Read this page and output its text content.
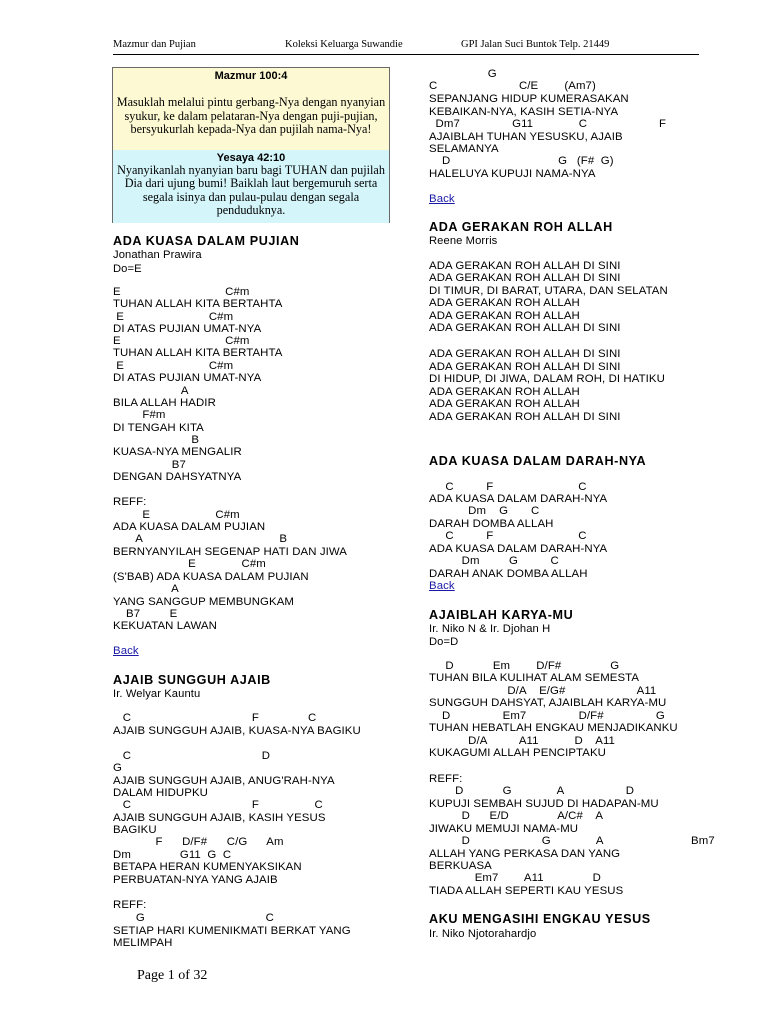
Mazmur dan Pujian	Koleksi Keluarga Suwandie	GPI Jalan Suci Buntok Telp. 21449
Mazmur 100:4
Masuklah melalui pintu gerbang-Nya dengan nyanyian syukur, ke dalam pelataran-Nya dengan puji-pujian, bersyukurlah kepada-Nya dan pujilah nama-Nya!
Yesaya 42:10
Nyanyikanlah nyanyian baru bagi TUHAN dan pujilah Dia dari ujung bumi! Baiklah laut bergemuruh serta segala isinya dan pulau-pulau dengan segala penduduknya.
ADA KUASA DALAM PUJIAN
Jonathan Prawira
Do=E
E                                C#m
TUHAN ALLAH KITA BERTAHTA
E                          C#m
DI ATAS PUJIAN UMAT-NYA
E                                C#m
TUHAN ALLAH KITA BERTAHTA
E                          C#m
DI ATAS PUJIAN UMAT-NYA
A
BILA ALLAH HADIR
F#m
DI TENGAH KITA
B
KUASA-NYA MENGALIR
B7
DENGAN DAHSYATNYA
REFF:
E                    C#m
ADA KUASA DALAM PUJIAN
A                                          B
BERNYANYILAH SEGENAP HATI DAN JIWA
E              C#m
(S'BAB) ADA KUASA DALAM PUJIAN
A
YANG SANGGUP MEMBUNGKAM
B7         E
KEKUATAN LAWAN
Back
AJAIB SUNGGUH AJAIB
Ir. Welyar Kauntu
C                                     F               C
AJAIB SUNGGUH AJAIB, KUASA-NYA BAGIKU
C                                        D
G
AJAIB SUNGGUH AJAIB, ANUG'RAH-NYA
DALAM HIDUPKU
C                                     F                 C
AJAIB SUNGGUH AJAIB, KASIH YESUS
BAGIKU
F      D/F#      C/G      Am
Dm               G11  G  C
BETAPA HERAN KUMENYAKSIKAN
PERBUATAN-NYA YANG AJAIB
REFF:
G                                     C
SETIAP HARI KUMENIKMATI BERKAT YANG
MELIMPAH
G
C                         C/E        (Am7)
SEPANJANG HIDUP KUMERASAKAN
KEBAIKAN-NYA, KASIH SETIA-NYA
Dm7                G11              C                      F
AJAIBLAH TUHAN YESUSKU, AJAIB
SELAMANYA
D                                 G   (F#  G)
HALELUYA KUPUJI NAMA-NYA
Back
ADA GERAKAN ROH ALLAH
Reene Morris
ADA GERAKAN ROH ALLAH DI SINI
ADA GERAKAN ROH ALLAH DI SINI
DI TIMUR, DI BARAT, UTARA, DAN SELATAN
ADA GERAKAN ROH ALLAH
ADA GERAKAN ROH ALLAH
ADA GERAKAN ROH ALLAH DI SINI
ADA GERAKAN ROH ALLAH DI SINI
ADA GERAKAN ROH ALLAH DI SINI
DI HIDUP, DI JIWA, DALAM ROH, DI HATIKU
ADA GERAKAN ROH ALLAH
ADA GERAKAN ROH ALLAH
ADA GERAKAN ROH ALLAH DI SINI
ADA KUASA DALAM DARAH-NYA
C          F                          C
ADA KUASA DALAM DARAH-NYA
Dm    G       C
DARAH DOMBA ALLAH
C          F                          C
ADA KUASA DALAM DARAH-NYA
Dm         G          C
DARAH ANAK DOMBA ALLAH
Back
AJAIBLAH KARYA-MU
Ir. Niko N & Ir. Djohan H
Do=D
D            Em        D/F#               G
TUHAN BILA KULIHAT ALAM SEMESTA
D/A    E/G#                      A11
SUNGGUH DAHSYAT, AJAIBLAH KARYA-MU
D                Em7                D/F#                G
TUHAN HEBATLAH ENGKAU MENJADIKANKU
D/A          A11           D    A11
KUKAGUMI ALLAH PENCIPTAKU
REFF:
D            G              A                   D
KUPUJI SEMBAH SUJUD DI HADAPAN-MU
D      E/D               A/C#    A
JIWAKU MEMUJI NAMA-MU
D                      G              A                           Bm7
ALLAH YANG PERKASA DAN YANG
BERKUASA
Em7        A11               D
TIADA ALLAH SEPERTI KAU YESUS
AKU MENGASIHI ENGKAU YESUS
Ir. Niko Njotorahardjo
Page 1 of 32
